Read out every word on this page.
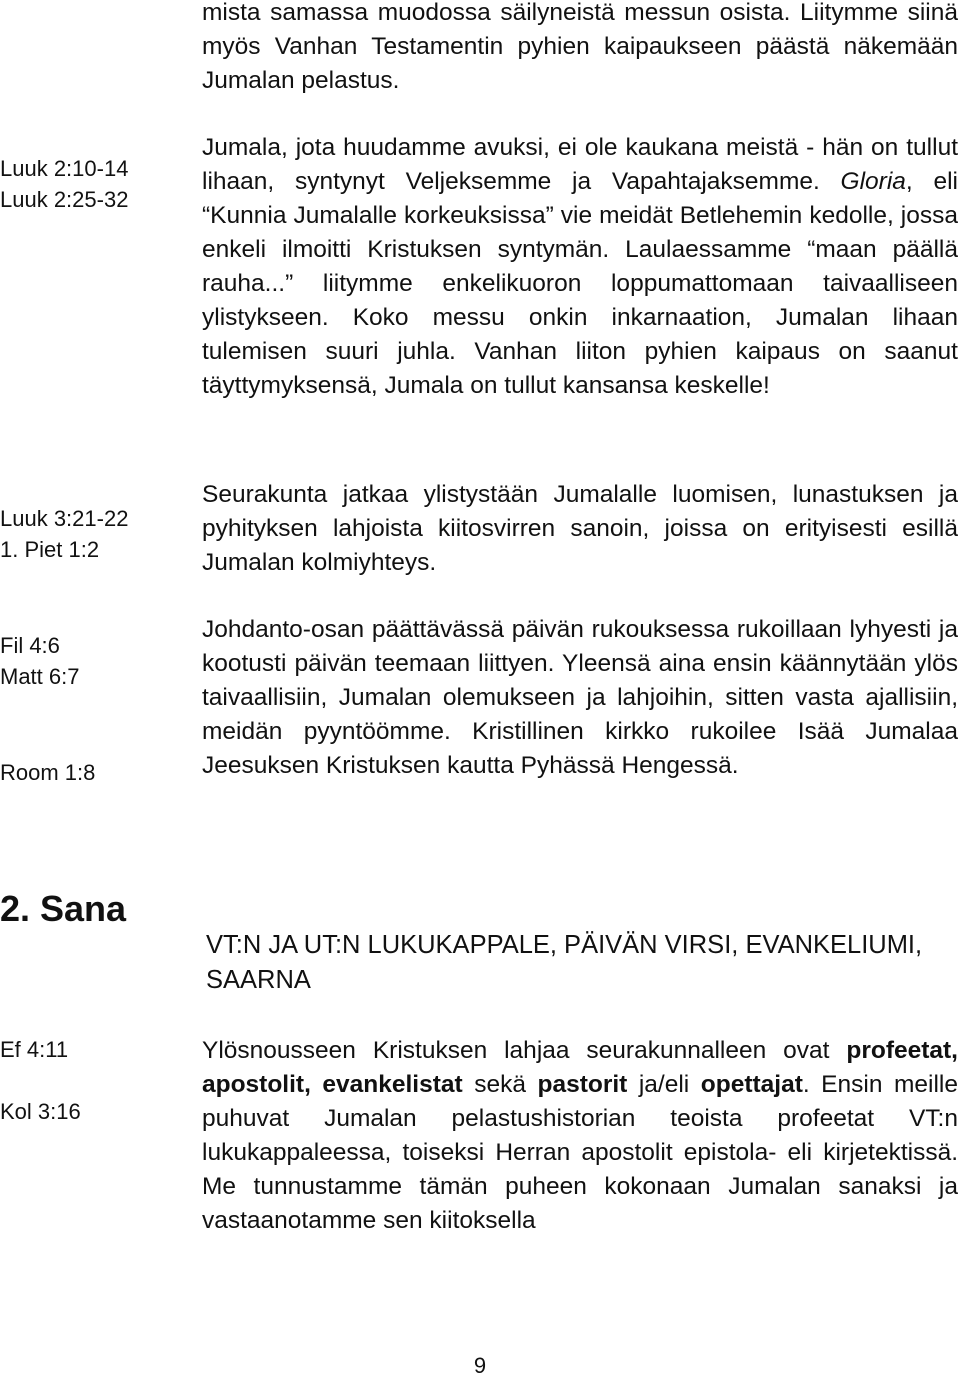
Luuk 2:10-14
Luuk 2:25-32
Luuk 3:21-22
1. Piet 1:2
Fil 4:6
Matt 6:7
Room 1:8
Ef 4:11
Kol 3:16

mista samassa muodossa säilyneistä messun osista. Liitymme siinä myös Vanhan Testamentin pyhien kaipaukseen päästä näkemään Jumalan pelastus.

Jumala, jota huudamme avuksi, ei ole kaukana meistä - hän on tullut lihaan, syntynyt Veljeksemme ja Vapahtajaksemme. Gloria, eli “Kunnia Jumalalle korkeuksissa” vie meidät Betlehemin kedolle, jossa enkeli ilmoitti Kristuksen syntymän. Laulaessamme “maan päällä rauha...” liitymme enkelikuoron loppumattomaan taivaalliseen ylistykseen. Koko messu onkin inkarnaation, Jumalan lihaan tulemisen suuri juhla. Vanhan liiton pyhien kaipaus on saanut täyttymyksensä, Jumala on tullut kansansa keskelle!

Seurakunta jatkaa ylistystään Jumalalle luomisen, lunastuksen ja pyhityksen lahjoista kiitosvirren sanoin, joissa on erityisesti esillä Jumalan kolmiyhteys.

Johdanto-osan päättävässä päivän rukouksessa rukoillaan lyhyesti ja kootusti päivän teemaan liittyen. Yleensä aina ensin käännytään ylös taivaallisiin, Jumalan olemukseen ja lahjoihin, sitten vasta ajallisiin, meidän pyyntöömme. Kristillinen kirkko rukoilee Isää Jumalaa Jeesuksen Kristuksen kautta Pyhässä Hengessä.

2. Sana

VT:N JA UT:N LUKUKAPPALE, PÄIVÄN VIRSI, EVANKELIUMI, SAARNA

Ylösnousseen Kristuksen lahjaa seurakunnalleen ovat profeetat, apostolit, evankelistat sekä pastorit ja/eli opettajat. Ensin meille puhuvat Jumalan pelastushistorian teoista profeetat VT:n lukukappaleessa, toiseksi Herran apostolit epistola- eli kirjetektissä. Me tunnustamme tämän puheen kokonaan Jumalan sanaksi ja vastaanotamme sen kiitoksella

9
